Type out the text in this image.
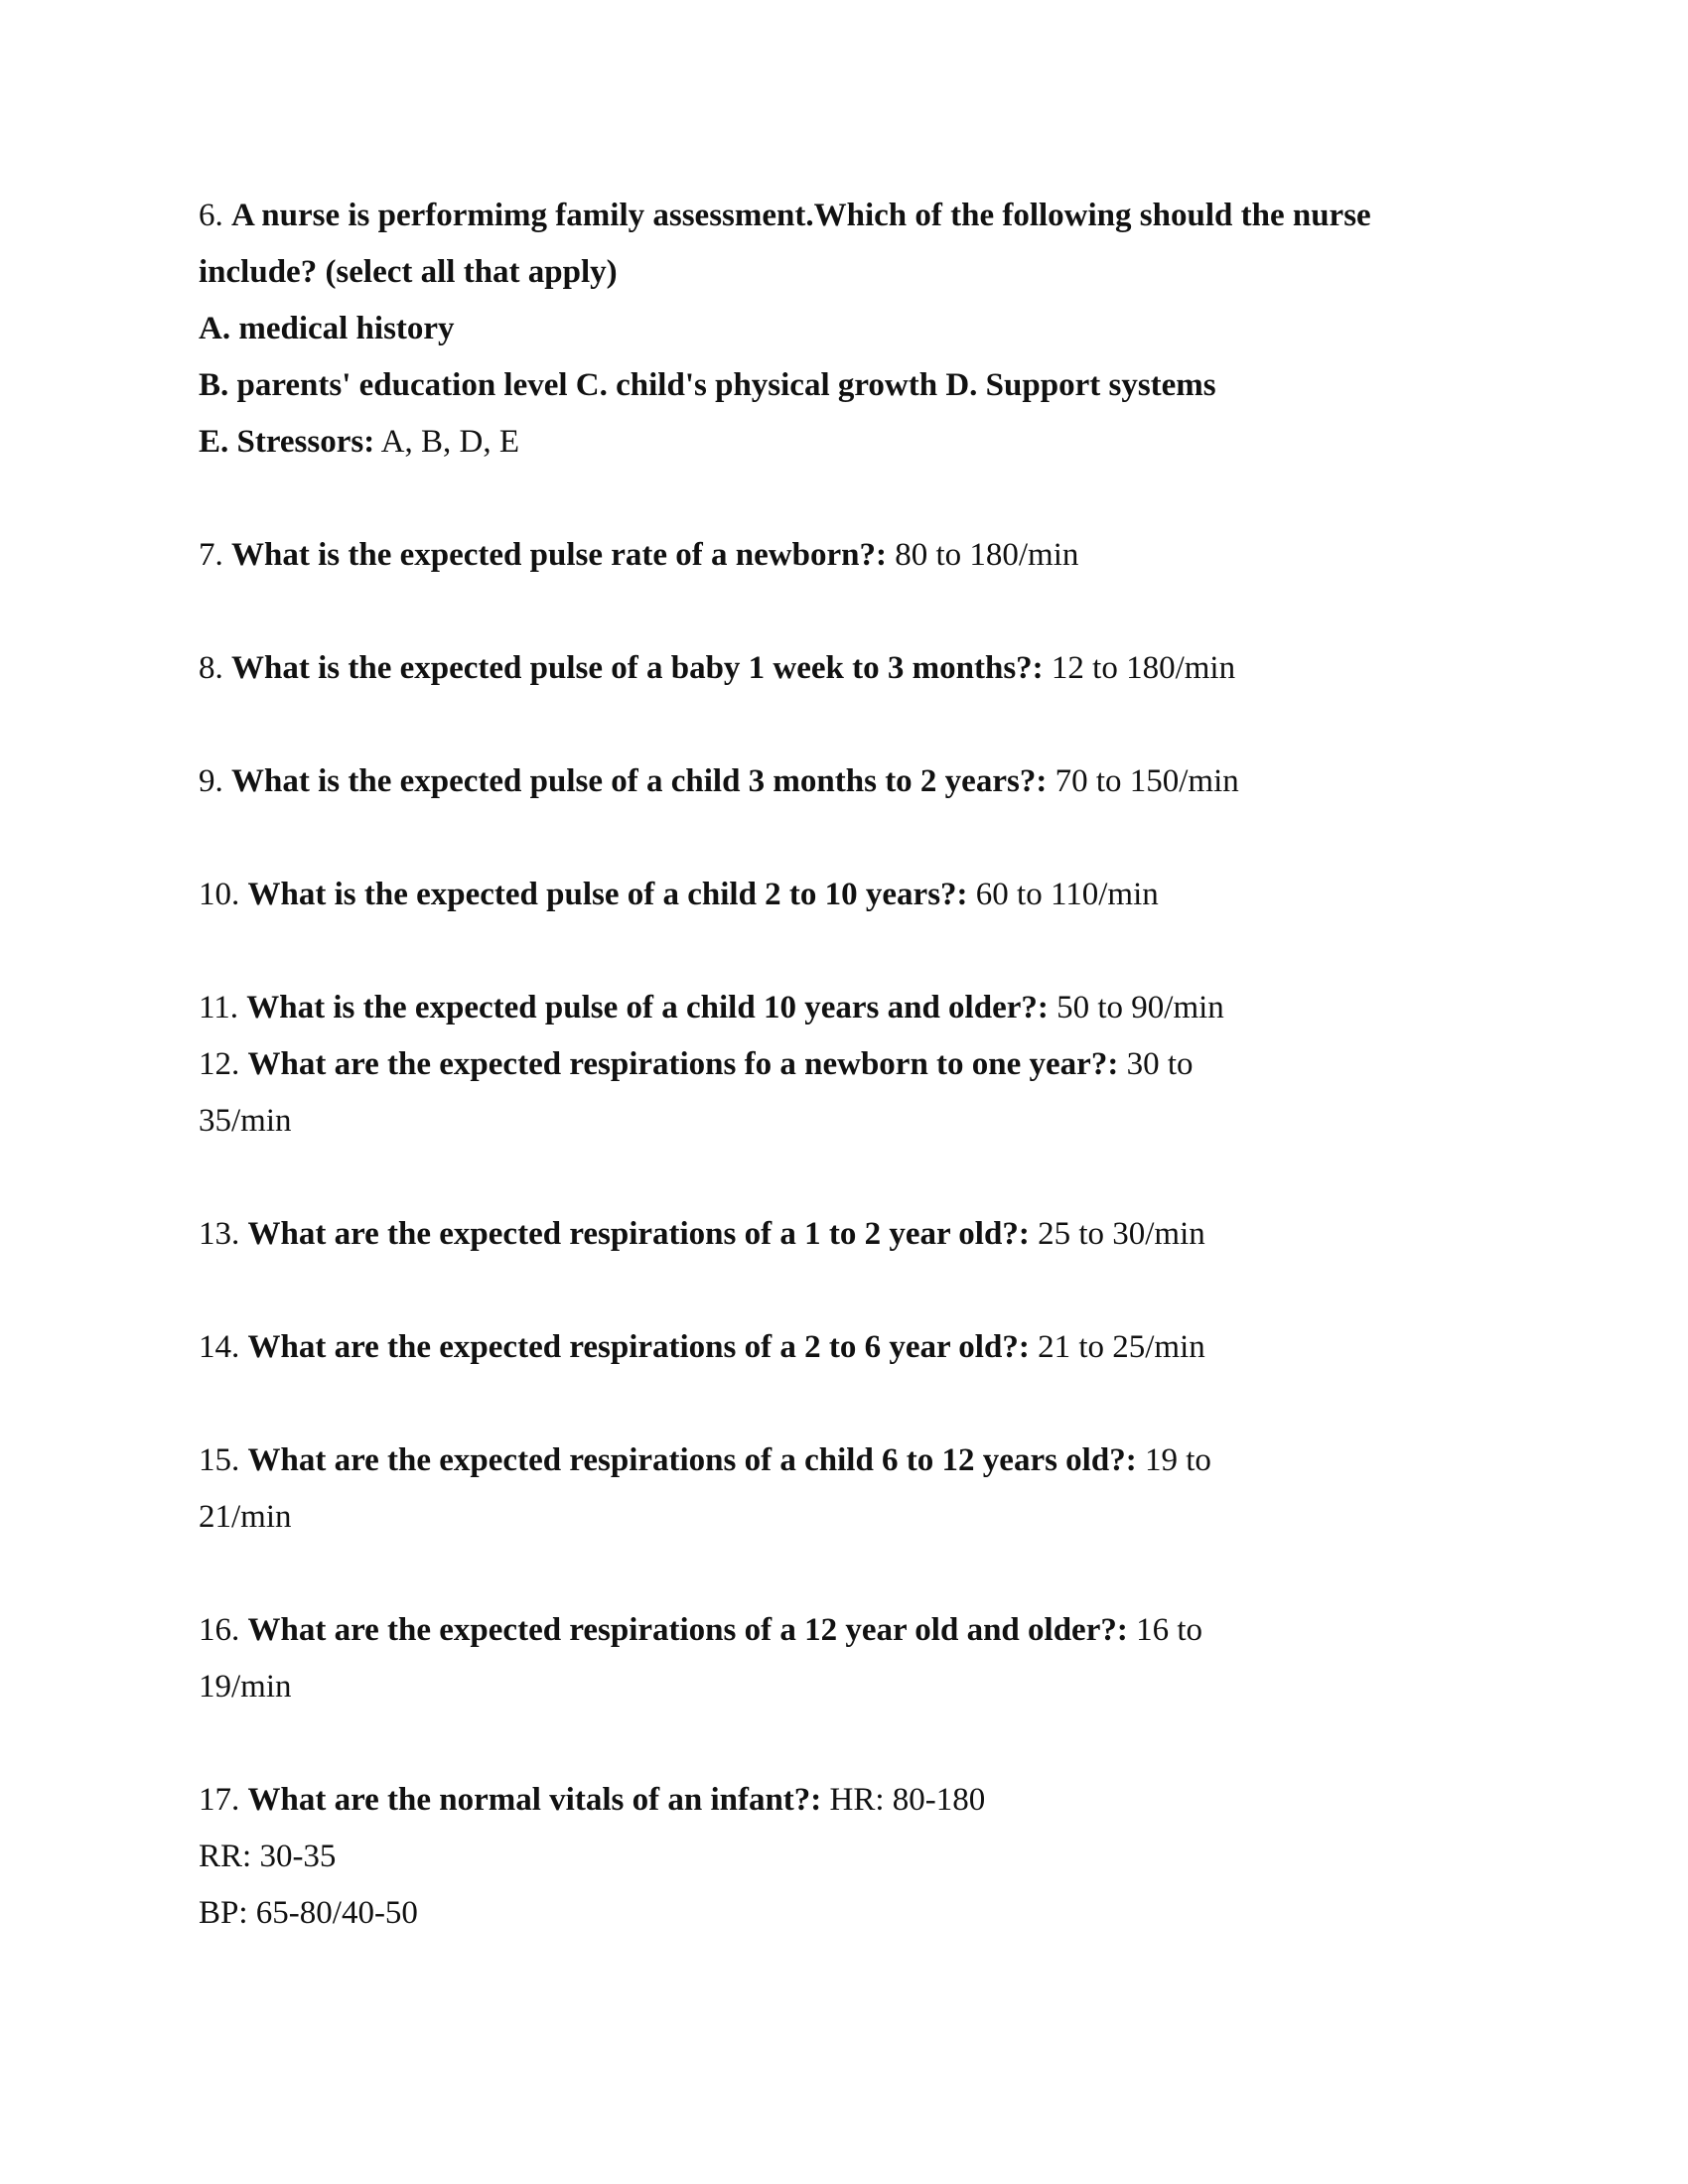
6. A nurse is performimg family assessment.Which of the following should the nurse
include? (select all that apply)
A. medical history
B. parents' education level C. child's physical growth D. Support systems
E. Stressors: A, B, D, E
7. What is the expected pulse rate of a newborn?: 80 to 180/min
8. What is the expected pulse of a baby 1 week to 3 months?: 12 to 180/min
9. What is the expected pulse of a child 3 months to 2 years?: 70 to 150/min
10. What is the expected pulse of a child 2 to 10 years?: 60 to 110/min
11. What is the expected pulse of a child 10 years and older?: 50 to 90/min
12. What are the expected respirations fo a newborn to one year?: 30 to
35/min
13. What are the expected respirations of a 1 to 2 year old?: 25 to 30/min
14. What are the expected respirations of a 2 to 6 year old?: 21 to 25/min
15. What are the expected respirations of a child 6 to 12 years old?: 19 to
21/min
16. What are the expected respirations of a 12 year old and older?: 16 to
19/min
17. What are the normal vitals of an infant?: HR: 80-180
RR: 30-35
BP: 65-80/40-50
